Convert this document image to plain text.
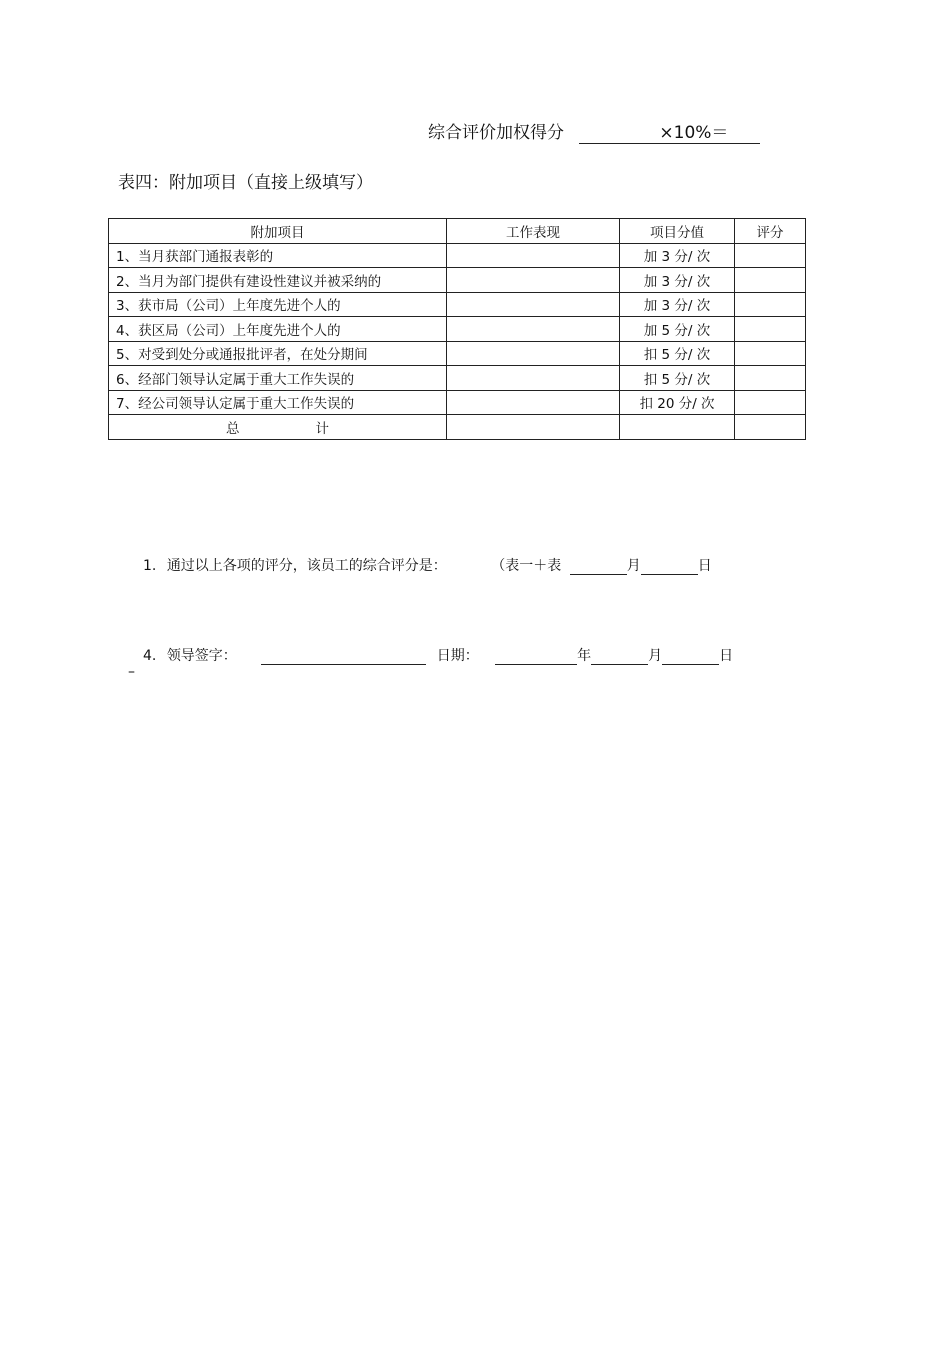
综合评价加权得分	×10%＝
表四：附加项目（直接上级填写）
附加项目	工作表现	项目分值	评分
1、当月获部门通报表彰的		加 3 分/ 次	
2、当月为部门提供有建设性建议并被采纳的		加 3 分/ 次	
3、获市局（公司）上年度先进个人的		加 3 分/ 次	
4、获区局（公司）上年度先进个人的		加 5 分/ 次	
5、对受到处分或通报批评者，在处分期间		扣 5 分/ 次	
6、经部门领导认定属于重大工作失误的		扣 5 分/ 次	
7、经公司领导认定属于重大工作失误的		扣 20 分/ 次	
总 计			
1. 通过以上各项的评分，该员工的综合评分是：	（表一＋表	月	日
4. 领导签字：	日期：	年	月	日
–
